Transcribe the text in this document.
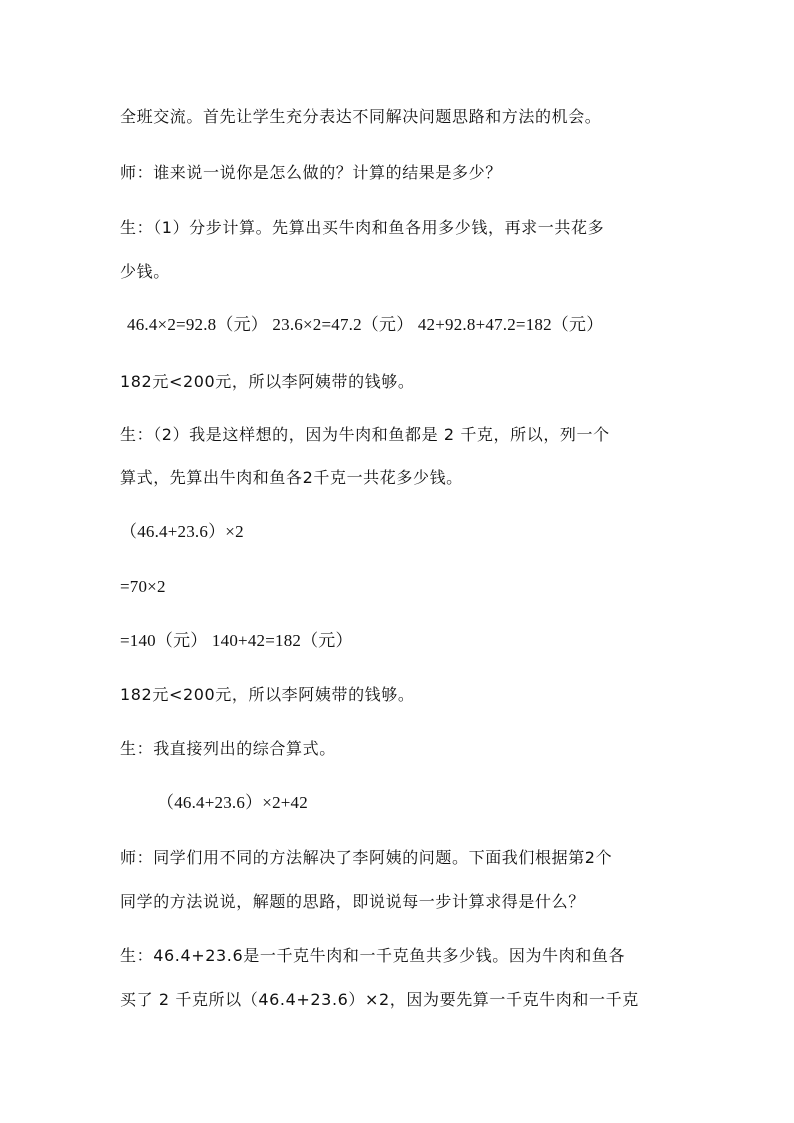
全班交流。首先让学生充分表达不同解决问题思路和方法的机会。
师：谁来说一说你是怎么做的？计算的结果是多少？
生：（1）分步计算。先算出买牛肉和鱼各用多少钱，再求一共花多
少钱。
46.4×2=92.8（元） 23.6×2=47.2（元） 42+92.8+47.2=182（元）
182元<200元，所以李阿姨带的钱够。
生：（2）我是这样想的，因为牛肉和鱼都是 2 千克，所以，列一个
算式，先算出牛肉和鱼各2千克一共花多少钱。
（46.4+23.6）×2
=70×2
=140（元） 140+42=182（元）
182元<200元，所以李阿姨带的钱够。
生：我直接列出的综合算式。
（46.4+23.6）×2+42
师：同学们用不同的方法解决了李阿姨的问题。下面我们根据第2个
同学的方法说说，解题的思路，即说说每一步计算求得是什么？
生：46.4+23.6是一千克牛肉和一千克鱼共多少钱。因为牛肉和鱼各
买了 2 千克所以（46.4+23.6）×2，因为要先算一千克牛肉和一千克
